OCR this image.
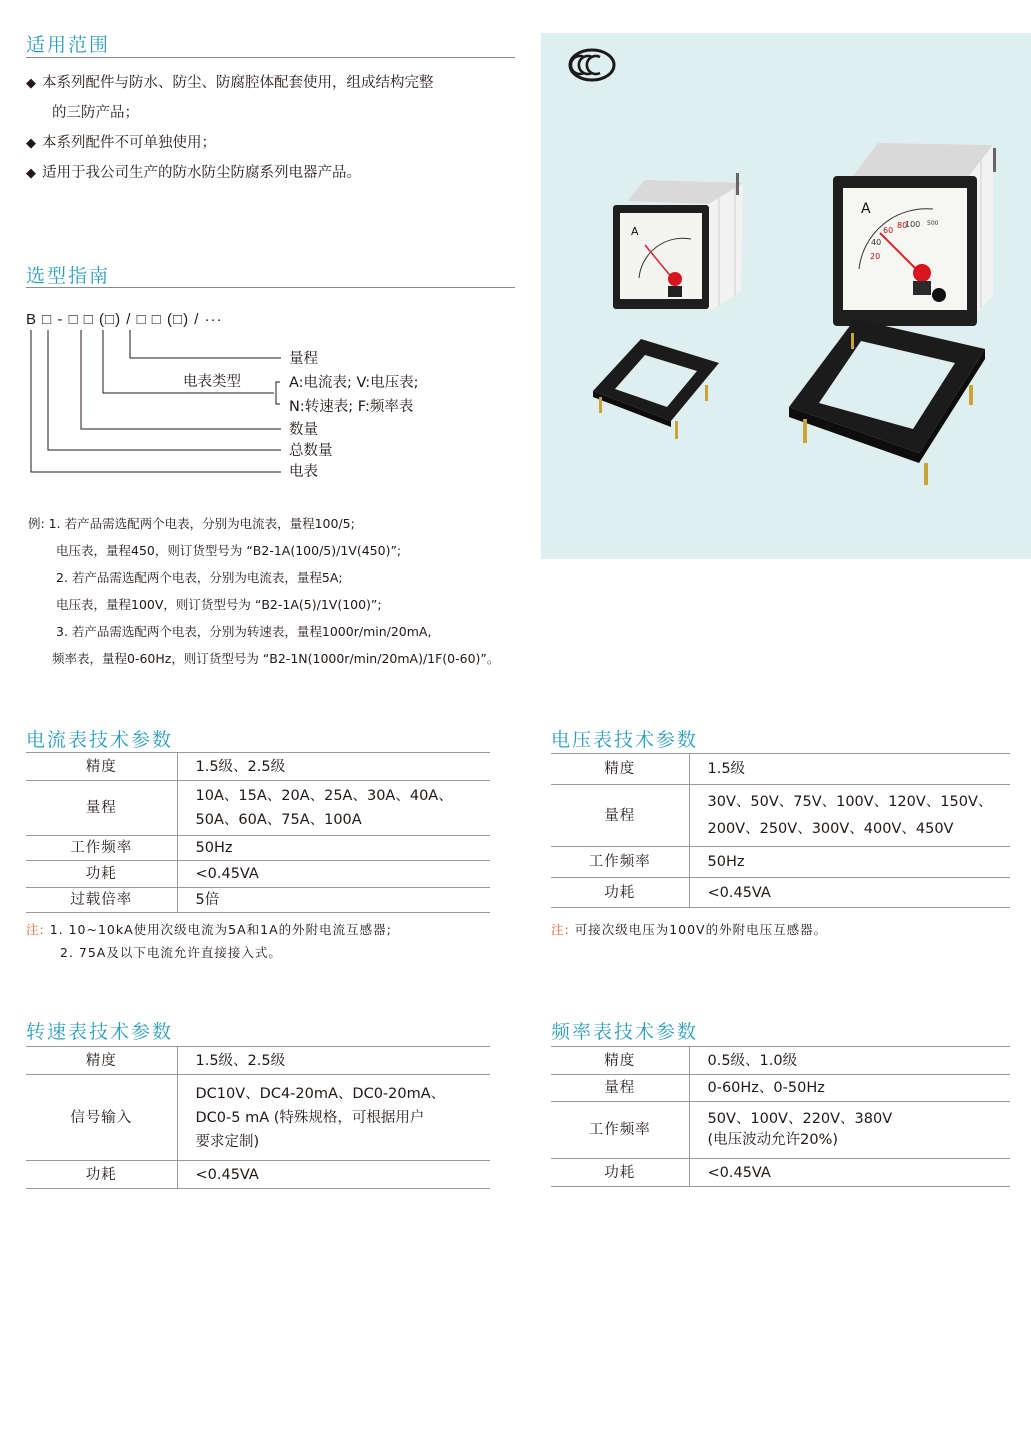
适用范围
◆ 本系列配件与防水、防尘、防腐腔体配套使用，组成结构完整
的三防产品；
◆ 本系列配件不可单独使用；
◆ 适用于我公司生产的防水防尘防腐系列电器产品。
选型指南
B □ - □ □ (□) / □ □ (□) / ···
量程
电表类型	A:电流表; V:电压表;
N:转速表; F:频率表
数量
总数量
电表
例: 1. 若产品需选配两个电表，分别为电流表，量程100/5;
电压表，量程450，则订货型号为 “B2-1A(100/5)/1V(450)”;
2. 若产品需选配两个电表，分别为电流表，量程5A;
电压表，量程100V，则订货型号为 “B2-1A(5)/1V(100)”;
3. 若产品需选配两个电表，分别为转速表，量程1000r/min/20mA,
频率表，量程0-60Hz，则订货型号为 “B2-1N(1000r/min/20mA)/1F(0-60)”。
A
A
20
40
60
80
100 500
电流表技术参数
精度	1.5级、2.5级
量程	10A、15A、20A、25A、30A、40A、
50A、60A、75A、100A

工作频率	50Hz
功耗	<0.45VA
过载倍率	5倍
注: 1. 10~10kA使用次级电流为5A和1A的外附电流互感器;
2. 75A及以下电流允许直接接入式。
电压表技术参数
精度	1.5级
量程	30V、50V、75V、100V、120V、150V、
200V、250V、300V、400V、450V

工作频率	50Hz
功耗	<0.45VA
注: 可接次级电压为100V的外附电压互感器。
转速表技术参数
精度	1.5级、2.5级
信号输入	DC10V、DC4-20mA、DC0-20mA、
DC0-5 mA (特殊规格，可根据用户
要求定制)

功耗	<0.45VA
频率表技术参数
精度	0.5级、1.0级
量程	0-60Hz、0-50Hz
工作频率	50V、100V、220V、380V
(电压波动允许20%)

功耗	<0.45VA
